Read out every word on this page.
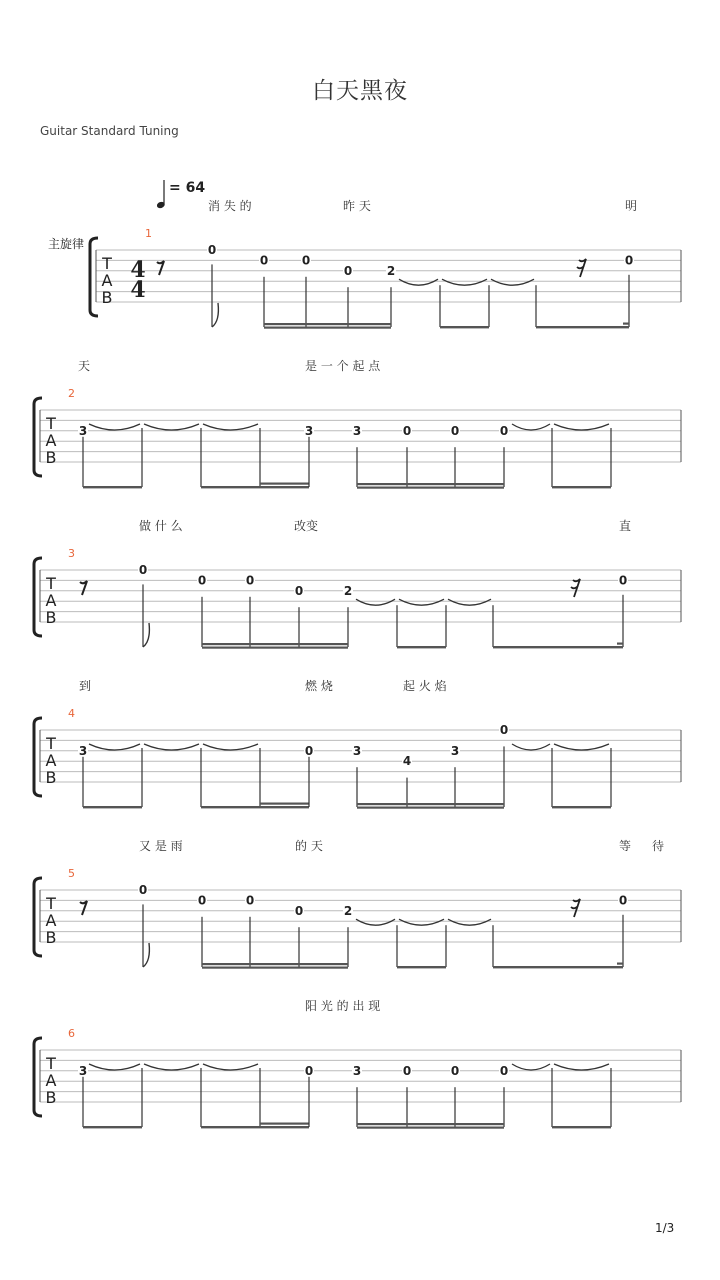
白天黑夜
Guitar Standard Tuning
= 64
消 失 的	昨 天	明
1
T
A
B
主旋律
4
4
0
0	0
0	2
0
天	是 一 个 起 点
2
T
A
B
3	3	3	0	0	0
做 什 么	改变	直
3
T
A
B
0
0	0
0	2
0
到	燃 烧	起 火 焰
4
T
A
B
3	0	3
4
3
0
又 是 雨	的 天	等 待
5
T
A
B
0
0	0
0	2
0
阳 光 的 出 现
6
T
A
B
3	0	3	0	0	0
1/3
